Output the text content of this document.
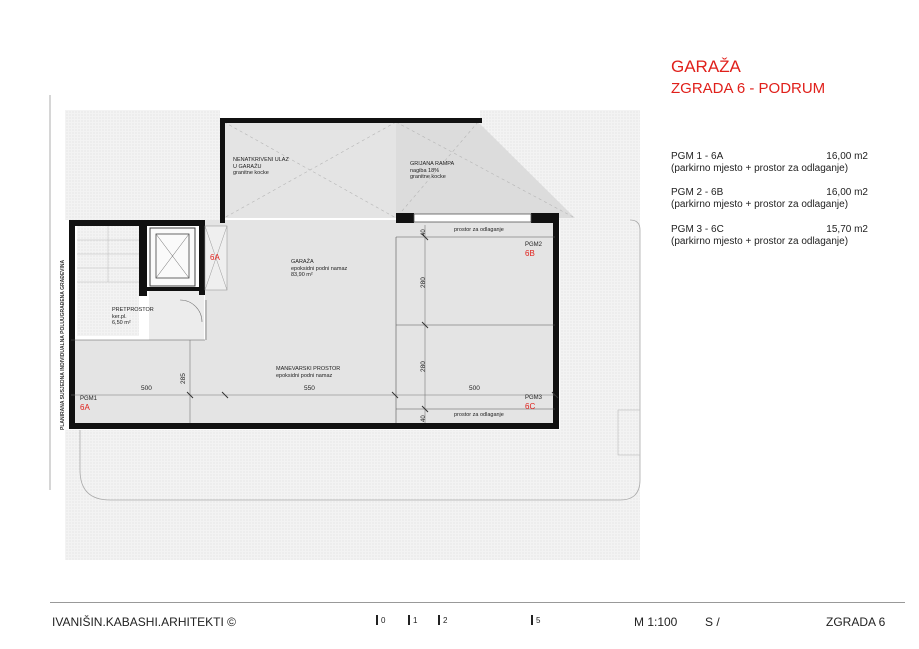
PLANIRANA SUSJEDNA INDIVIDUALNA POLUUGRAĐENA GRAĐEVINA
NENATKRIVENI ULAZ
U GARAŽU
granitne kocke
GRIJANA RAMPA
nagiba 18%
granitne kocke
GARAŽA
epoksidni podni namaz
83,90 m²
MANEVARSKI PROSTOR
epoksidni podni namaz
PRETPROSTOR
ker.pl.
6,50 m²
prostor za odlaganje
prostor za odlaganje
6A
PGM1
6A
PGM2
6B
PGM3
6C
500	550	500
285
280
280
40
40
GARAŽA
ZGRADA 6 - PODRUM
PGM 1 - 6A	16,00 m2
(parkirno mjesto + prostor za odlaganje)
PGM 2 - 6B	16,00 m2
(parkirno mjesto + prostor za odlaganje)
PGM 3 - 6C	15,70 m2
(parkirno mjesto + prostor za odlaganje)
IVANIŠIN.KABASHI.ARHITEKTI ©	0	1	2	5	M 1:100 S /	ZGRADA 6
